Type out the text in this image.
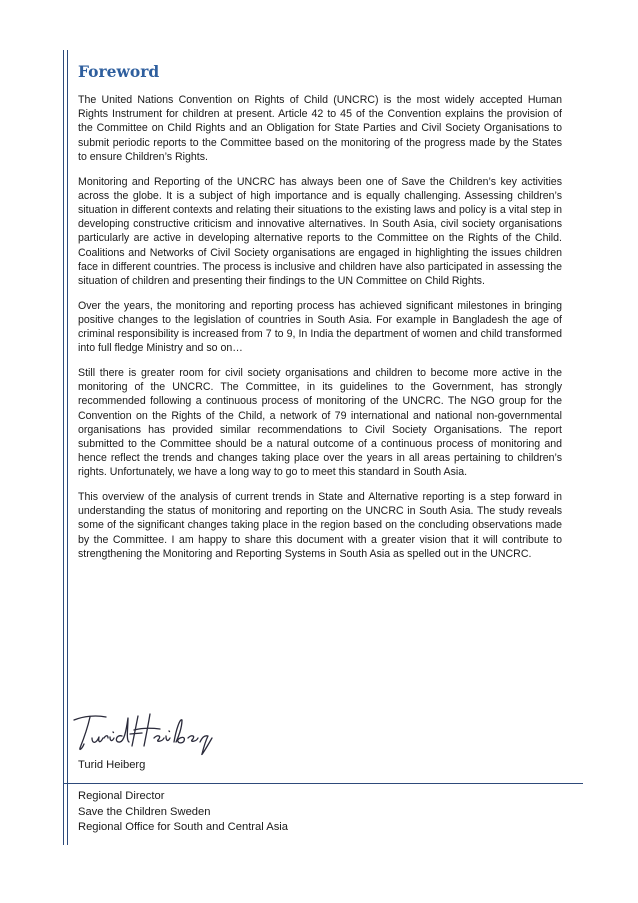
Foreword

The United Nations Convention on Rights of Child (UNCRC) is the most widely accepted Human Rights Instrument for children at present. Article 42 to 45 of the Convention explains the provision of the Committee on Child Rights and an Obligation for State Parties and Civil Society Organisations to submit periodic reports to the Committee based on the monitoring of the progress made by the States to ensure Children’s Rights.

Monitoring and Reporting of the UNCRC has always been one of Save the Children’s key activities across the globe. It is a subject of high importance and is equally challenging. Assessing children’s situation in different contexts and relating their situations to the existing laws and policy is a vital step in developing constructive criticism and innovative alternatives. In South Asia, civil society organisations particularly are active in developing alternative reports to the Committee on the Rights of the Child. Coalitions and Networks of Civil Society organisations are engaged in highlighting the issues children face in different countries. The process is inclusive and children have also participated in assessing the situation of children and presenting their findings to the UN Committee on Child Rights.

Over the years, the monitoring and reporting process has achieved significant milestones in bringing positive changes to the legislation of countries in South Asia. For example in Bangladesh the age of criminal responsibility is increased from 7 to 9, In India the department of women and child transformed into full fledge Ministry and so on…

Still there is greater room for civil society organisations and children to become more active in the monitoring of the UNCRC. The Committee, in its guidelines to the Government, has strongly recommended following a continuous process of monitoring of the UNCRC. The NGO group for the Convention on the Rights of the Child, a network of 79 international and national non-governmental organisations has provided similar recommendations to Civil Society Organisations. The report submitted to the Committee should be a natural outcome of a continuous process of monitoring and hence reflect the trends and changes taking place over the years in all areas pertaining to children’s rights. Unfortunately, we have a long way to go to meet this standard in South Asia.

This overview of the analysis of current trends in State and Alternative reporting is a step forward in understanding the status of monitoring and reporting on the UNCRC in South Asia. The study reveals some of the significant changes taking place in the region based on the concluding observations made by the Committee. I am happy to share this document with a greater vision that it will contribute to strengthening the Monitoring and Reporting Systems in South Asia as spelled out in the UNCRC.

Turid Heiberg
Regional Director
Save the Children Sweden
Regional Office for South and Central Asia
